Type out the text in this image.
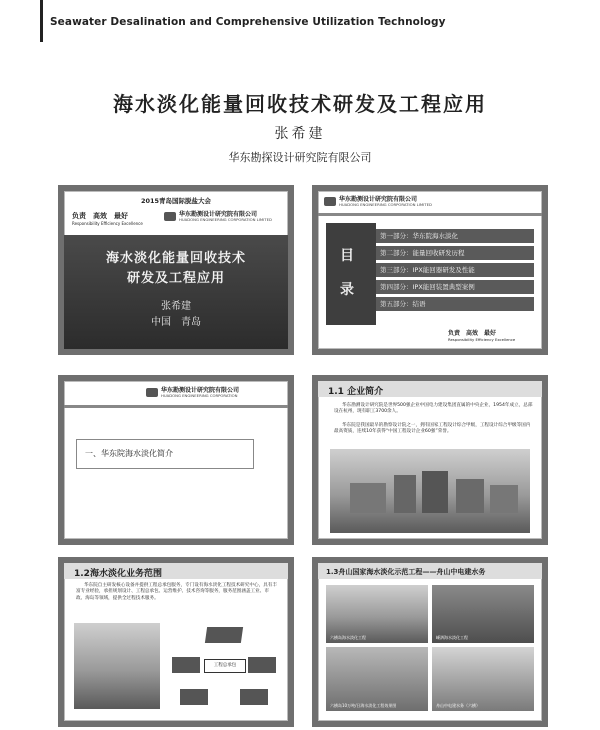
Seawater Desalination and Comprehensive Utilization Technology
海水淡化能量回收技术研发及工程应用
张希建
华东勘探设计研究院有限公司
2015青岛国际脱盐大会
负责　高效　最好
Responsibility Efficiency Excellence
华东勘测设计研究院有限公司
HUADONG ENGINEERING CORPORATION LIMITED
海水淡化能量回收技术
研发及工程应用
张希建
中国　青岛
华东勘测设计研究院有限公司
HUADONG ENGINEERING CORPORATION LIMITED
目
录
第一部分：华东院海水淡化
第二部分：能量回收研发历程
第三部分：IPX能回器研发及性能
第四部分：IPX能回装置典型案例
第五部分：结语
负责　高效　最好
Responsibility Efficiency Excellence
华东勘测设计研究院有限公司
HUADONG ENGINEERING CORPORATION
一、华东院海水淡化简介
1.1 企业简介
华东勘测设计研究院是世界500强企业中国电力建设集团直属的中央企业，1954年成立，总部设在杭州，现有职工3700余人。
华东院是我国最早的勘察设计院之一，拥有国家工程设计综合甲级，工程设计综合甲级等国内最高资质，连续10年获得“中国工程设计企业60强”荣誉。
1.2海水淡化业务范围
华东院自主研发核心设备并提供工程总承包服务，专门设有海水淡化工程技术研究中心，具有丰富专业经验，承担规划设计、工程总承包、运营维护、技术咨询等服务，服务范围涵盖工业、市政、海岛等领域，提供全过程技术服务。
工程总承包
1.3舟山国家海水淡化示范工程——舟山中电建水务
六横岛海水淡化工程	嵊泗海水淡化工程
六横岛10万吨/日海水淡化工程效果图	舟山中电建水务（六横）
